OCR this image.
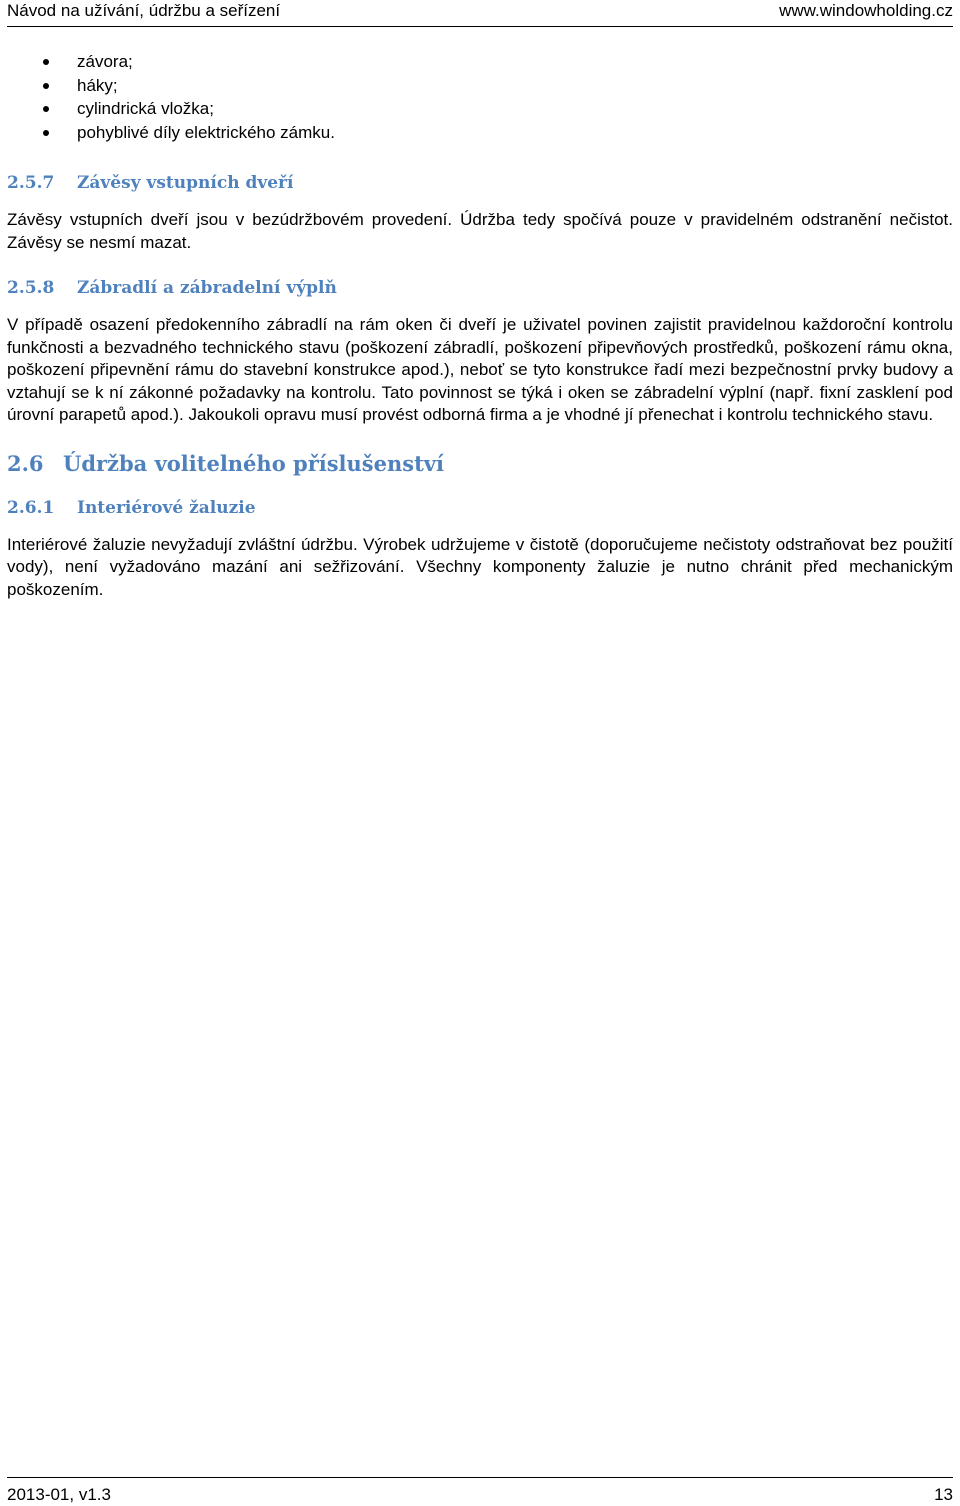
Návod na užívání, údržbu a seřízení	www.windowholding.cz
závora;
háky;
cylindrická vložka;
pohyblivé díly elektrického zámku.
2.5.7 Závěsy vstupních dveří

Závěsy vstupních dveří jsou v bezúdržbovém provedení. Údržba tedy spočívá pouze v pravidelném odstranění nečistot. Závěsy se nesmí mazat.

2.5.8 Zábradlí a zábradelní výplň

V případě osazení předokenního zábradlí na rám oken či dveří je uživatel povinen zajistit pravidelnou každoroční kontrolu funkčnosti a bezvadného technického stavu (poškození zábradlí, poškození připevňových prostředků, poškození rámu okna, poškození připevnění rámu do stavební konstrukce apod.), neboť se tyto konstrukce řadí mezi bezpečnostní prvky budovy a vztahují se k ní zákonné požadavky na kontrolu. Tato povinnost se týká i oken se zábradelní výplní (např. fixní zasklení pod úrovní parapetů apod.). Jakoukoli opravu musí provést odborná firma a je vhodné jí přenechat i kontrolu technického stavu.

2.6 Údržba volitelného příslušenství
2.6.1 Interiérové žaluzie

Interiérové žaluzie nevyžadují zvláštní údržbu. Výrobek udržujeme v čistotě (doporučujeme nečistoty odstraňovat bez použití vody), není vyžadováno mazání ani sežřizování. Všechny komponenty žaluzie je nutno chránit před mechanickým poškozením.

2013-01, v1.3	13
